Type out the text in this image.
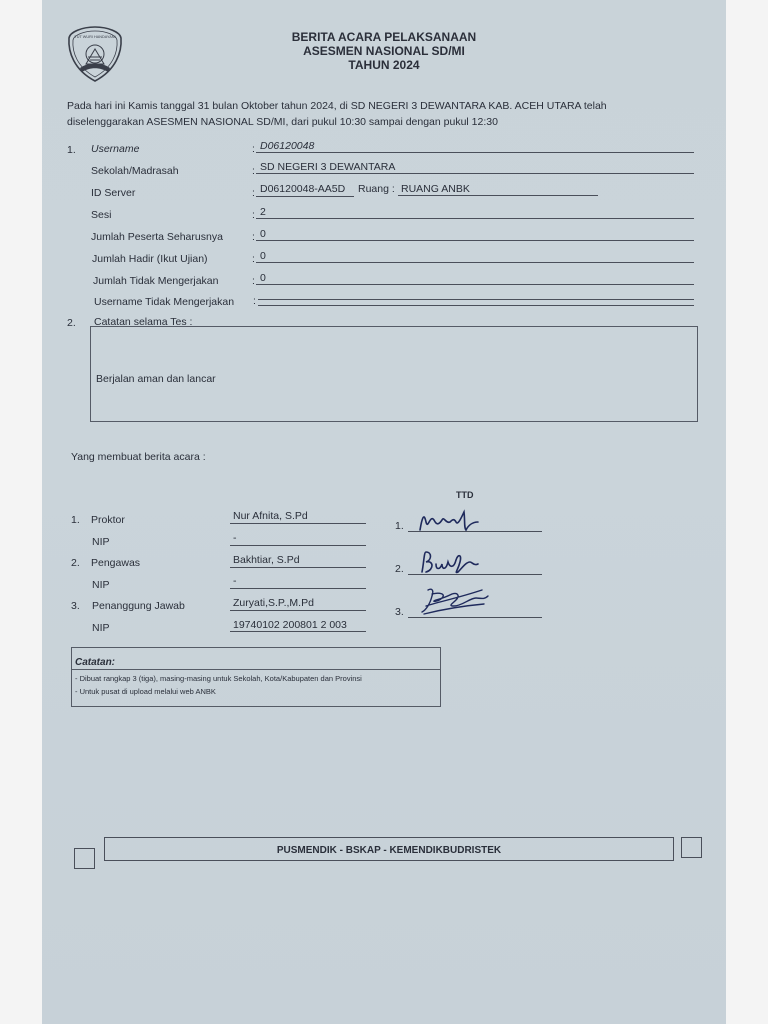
TUT WURI HANDAYANI	BERITA ACARA PELAKSANAAN
ASESMEN NASIONAL SD/MI
TAHUN 2024
Pada hari ini Kamis tanggal 31 bulan Oktober tahun 2024, di SD NEGERI 3 DEWANTARA KAB. ACEH UTARA telah
diselenggarakan ASESMEN NASIONAL SD/MI, dari pukul 10:30 sampai dengan pukul 12:30
1. Username	: D06120048
Sekolah/Madrasah	: SD NEGERI 3 DEWANTARA
ID Server	: D06120048-AA5D Ruang : RUANG ANBK
Sesi	: 2
Jumlah Peserta Seharusnya	: 0
Jumlah Hadir (Ikut Ujian)	: 0
Jumlah Tidak Mengerjakan	: 0
Username Tidak Mengerjakan :
2. Catatan selama Tes :
Berjalan aman dan lancar
Yang membuat berita acara :
TTD
1. Proktor	Nur Afnita, S.Pd
NIP	-
2. Pengawas	Bakhtiar, S.Pd
NIP	-
3. Penanggung Jawab	Zuryati,S.P.,M.Pd
NIP	19740102 200801 2 003
1.
2.
3.
Catatan:
- Dibuat rangkap 3 (tiga), masing-masing untuk Sekolah, Kota/Kabupaten dan Provinsi
- Untuk pusat di upload melalui web ANBK
PUSMENDIK - BSKAP - KEMENDIKBUDRISTEK
